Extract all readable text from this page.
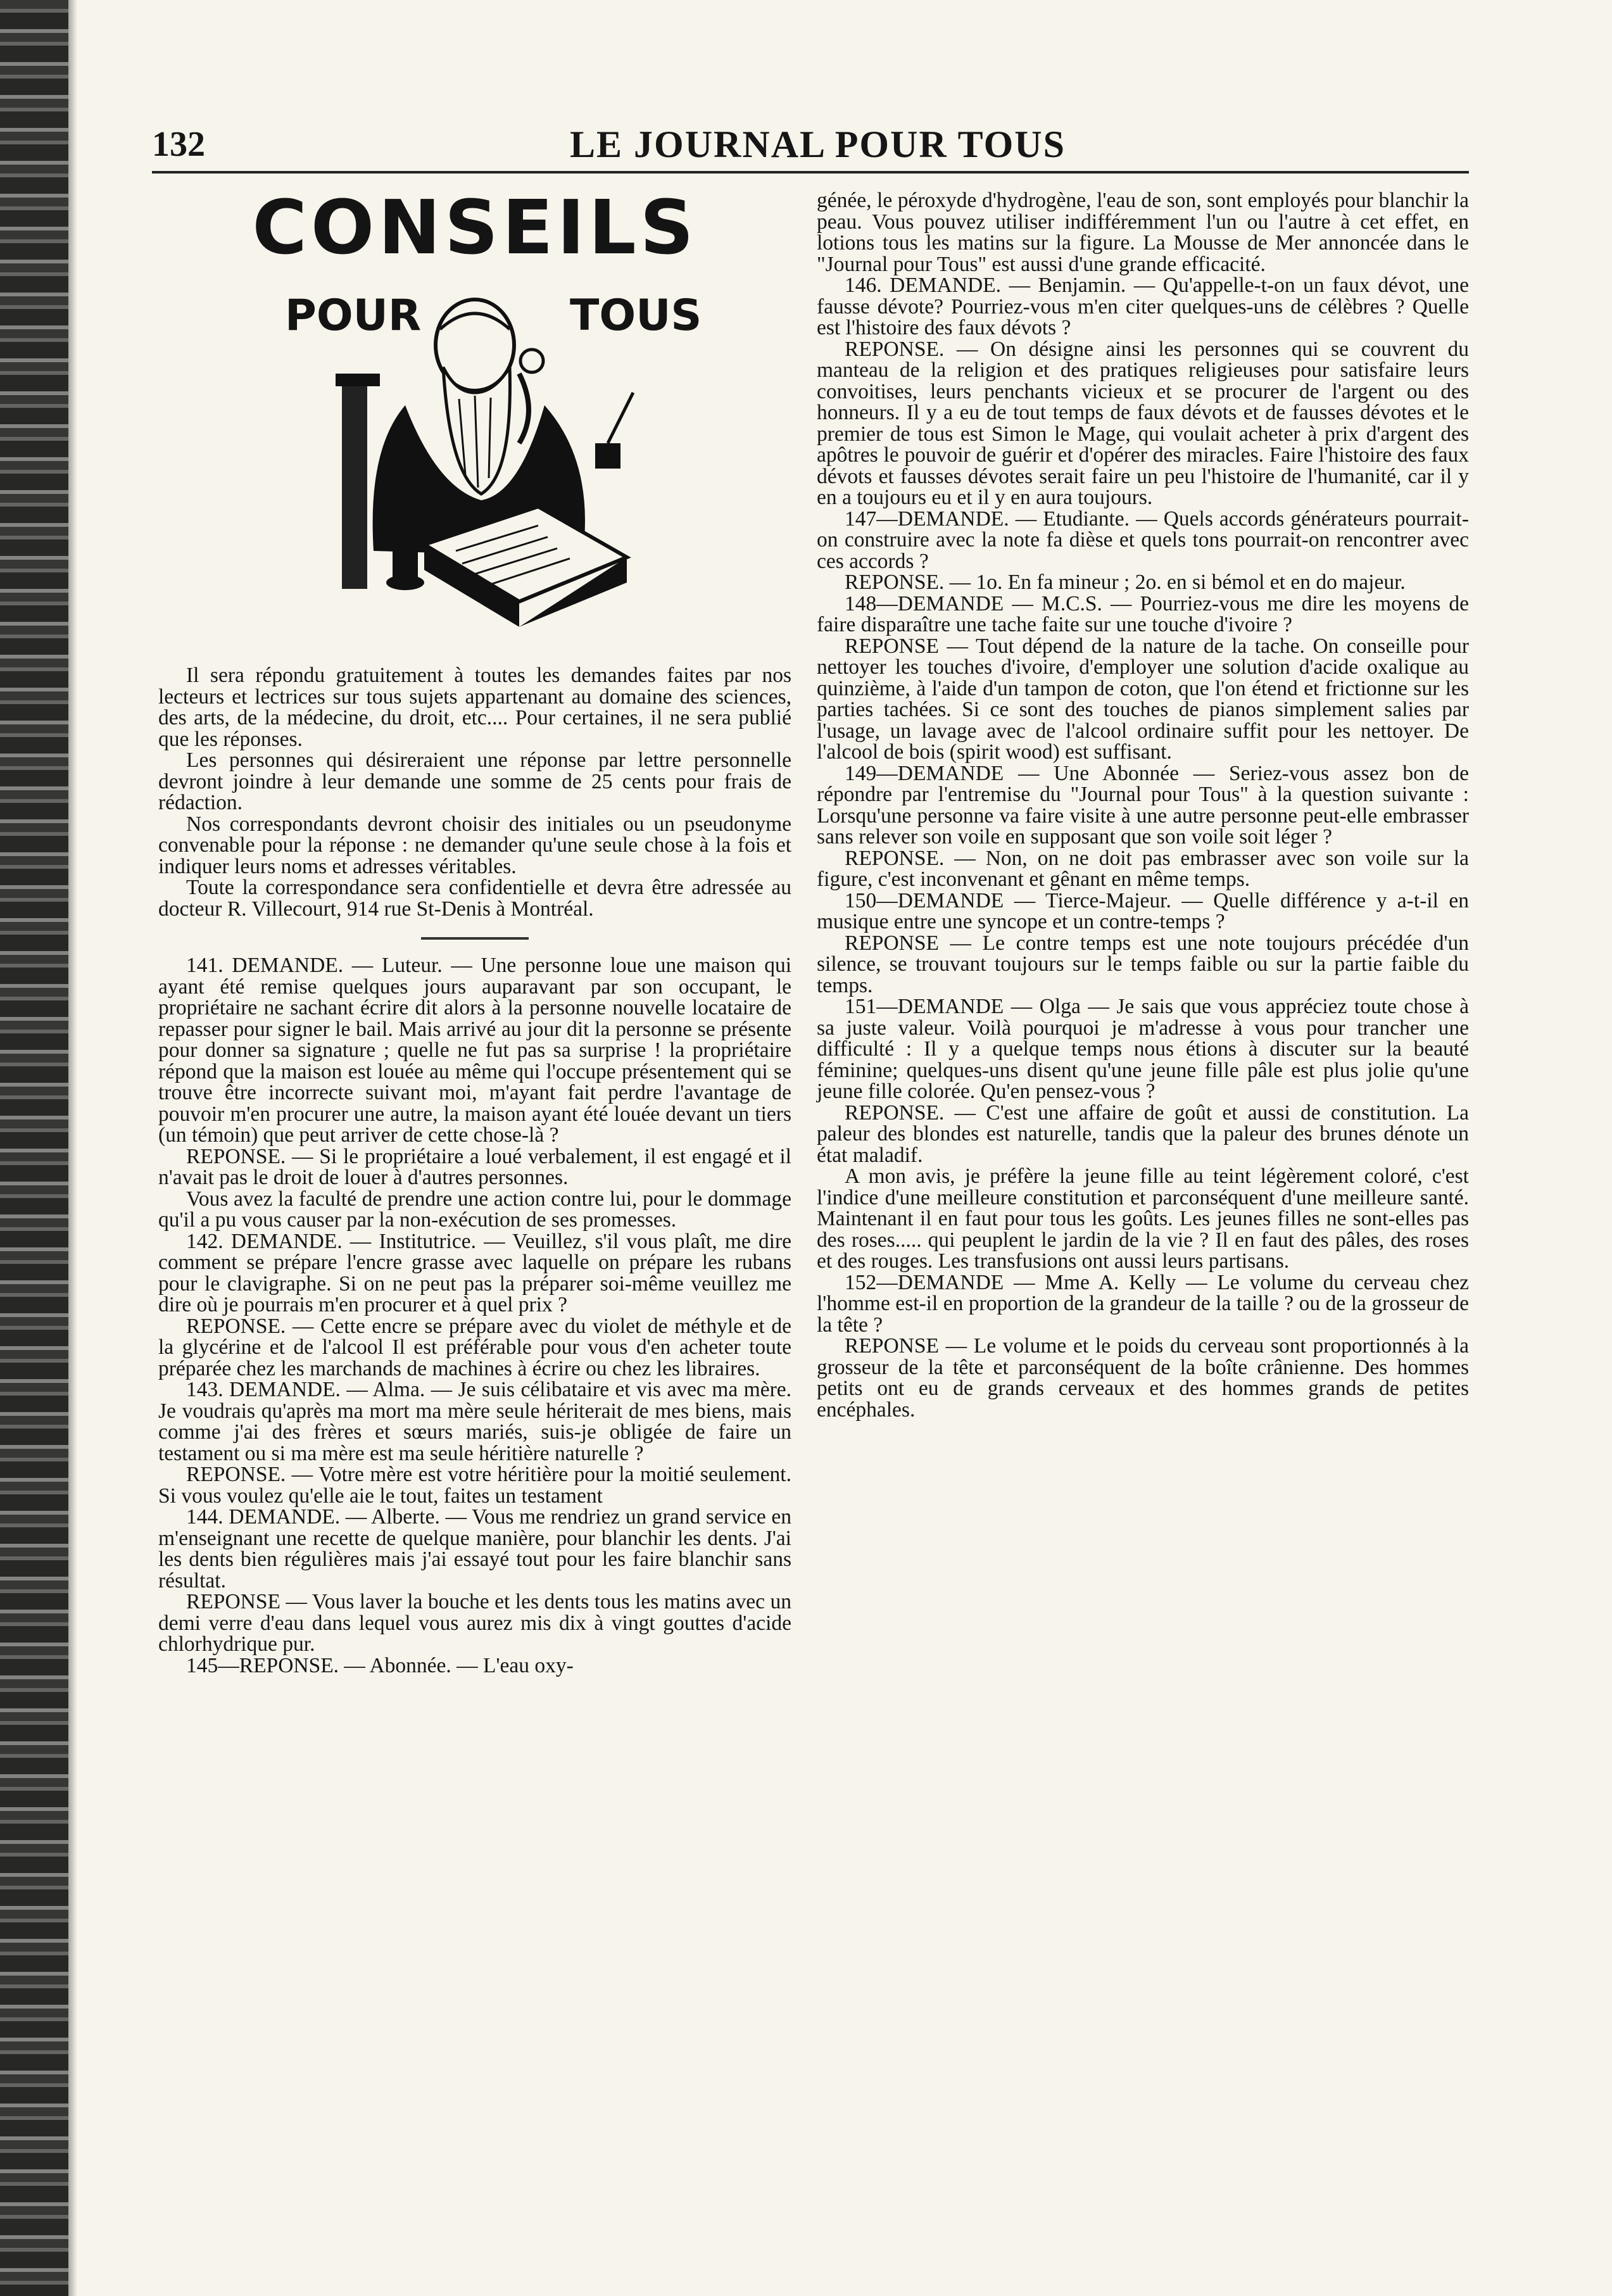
132	LE JOURNAL POUR TOUS
CONSEILS
POUR	TOUS

Il sera répondu gratuitement à toutes les demandes faites par nos lecteurs et lectrices sur tous sujets appartenant au domaine des sciences, des arts, de la médecine, du droit, etc.... Pour certaines, il ne sera publié que les réponses.

Les personnes qui désireraient une réponse par lettre personnelle devront joindre à leur demande une somme de 25 cents pour frais de rédaction.

Nos correspondants devront choisir des initiales ou un pseudonyme convenable pour la réponse : ne demander qu'une seule chose à la fois et indiquer leurs noms et adresses véritables.

Toute la correspondance sera confidentielle et devra être adressée au docteur R. Villecourt, 914 rue St-Denis à Montréal.

141. DEMANDE. — Luteur. — Une personne loue une maison qui ayant été remise quelques jours auparavant par son occupant, le propriétaire ne sachant écrire dit alors à la personne nouvelle locataire de repasser pour signer le bail. Mais arrivé au jour dit la personne se présente pour donner sa signature ; quelle ne fut pas sa surprise ! la propriétaire répond que la maison est louée au même qui l'occupe présentement qui se trouve être incorrecte suivant moi, m'ayant fait perdre l'avantage de pouvoir m'en procurer une autre, la maison ayant été louée devant un tiers (un témoin) que peut arriver de cette chose-là ?

REPONSE. — Si le propriétaire a loué verbalement, il est engagé et il n'avait pas le droit de louer à d'autres personnes.

Vous avez la faculté de prendre une action contre lui, pour le dommage qu'il a pu vous causer par la non-exécution de ses promesses.

142. DEMANDE. — Institutrice. — Veuillez, s'il vous plaît, me dire comment se prépare l'encre grasse avec laquelle on prépare les rubans pour le clavigraphe. Si on ne peut pas la préparer soi-même veuillez me dire où je pourrais m'en procurer et à quel prix ?

REPONSE. — Cette encre se prépare avec du violet de méthyle et de la glycérine et de l'alcool Il est préférable pour vous d'en acheter toute préparée chez les marchands de machines à écrire ou chez les libraires.

143. DEMANDE. — Alma. — Je suis célibataire et vis avec ma mère. Je voudrais qu'après ma mort ma mère seule hériterait de mes biens, mais comme j'ai des frères et sœurs mariés, suis-je obligée de faire un testament ou si ma mère est ma seule héritière naturelle ?

REPONSE. — Votre mère est votre héritière pour la moitié seulement. Si vous voulez qu'elle aie le tout, faites un testament

144. DEMANDE. — Alberte. — Vous me rendriez un grand service en m'enseignant une recette de quelque manière, pour blanchir les dents. J'ai les dents bien régulières mais j'ai essayé tout pour les faire blanchir sans résultat.

REPONSE — Vous laver la bouche et les dents tous les matins avec un demi verre d'eau dans lequel vous aurez mis dix à vingt gouttes d'acide chlorhydrique pur.

145—REPONSE. — Abonnée. — L'eau oxy-

génée, le péroxyde d'hydrogène, l'eau de son, sont employés pour blanchir la peau. Vous pouvez utiliser indifféremment l'un ou l'autre à cet effet, en lotions tous les matins sur la figure. La Mousse de Mer annoncée dans le "Journal pour Tous" est aussi d'une grande efficacité.

146. DEMANDE. — Benjamin. — Qu'appelle-t-on un faux dévot, une fausse dévote? Pourriez-vous m'en citer quelques-uns de célèbres ? Quelle est l'histoire des faux dévots ?

REPONSE. — On désigne ainsi les personnes qui se couvrent du manteau de la religion et des pratiques religieuses pour satisfaire leurs convoitises, leurs penchants vicieux et se procurer de l'argent ou des honneurs. Il y a eu de tout temps de faux dévots et de fausses dévotes et le premier de tous est Simon le Mage, qui voulait acheter à prix d'argent des apôtres le pouvoir de guérir et d'opérer des miracles. Faire l'histoire des faux dévots et fausses dévotes serait faire un peu l'histoire de l'humanité, car il y en a toujours eu et il y en aura toujours.

147—DEMANDE. — Etudiante. — Quels accords générateurs pourrait-on construire avec la note fa dièse et quels tons pourrait-on rencontrer avec ces accords ?

REPONSE. — 1o. En fa mineur ; 2o. en si bémol et en do majeur.

148—DEMANDE — M.C.S. — Pourriez-vous me dire les moyens de faire disparaître une tache faite sur une touche d'ivoire ?

REPONSE — Tout dépend de la nature de la tache. On conseille pour nettoyer les touches d'ivoire, d'employer une solution d'acide oxalique au quinzième, à l'aide d'un tampon de coton, que l'on étend et frictionne sur les parties tachées. Si ce sont des touches de pianos simplement salies par l'usage, un lavage avec de l'alcool ordinaire suffit pour les nettoyer. De l'alcool de bois (spirit wood) est suffisant.

149—DEMANDE — Une Abonnée — Seriez-vous assez bon de répondre par l'entremise du "Journal pour Tous" à la question suivante : Lorsqu'une personne va faire visite à une autre personne peut-elle embrasser sans relever son voile en supposant que son voile soit léger ?

REPONSE. — Non, on ne doit pas embrasser avec son voile sur la figure, c'est inconvenant et gênant en même temps.

150—DEMANDE — Tierce-Majeur. — Quelle différence y a-t-il en musique entre une syncope et un contre-temps ?

REPONSE — Le contre temps est une note toujours précédée d'un silence, se trouvant toujours sur le temps faible ou sur la partie faible du temps.

151—DEMANDE — Olga — Je sais que vous appréciez toute chose à sa juste valeur. Voilà pourquoi je m'adresse à vous pour trancher une difficulté : Il y a quelque temps nous étions à discuter sur la beauté féminine; quelques-uns disent qu'une jeune fille pâle est plus jolie qu'une jeune fille colorée. Qu'en pensez-vous ?

REPONSE. — C'est une affaire de goût et aussi de constitution. La paleur des blondes est naturelle, tandis que la paleur des brunes dénote un état maladif.

A mon avis, je préfère la jeune fille au teint légèrement coloré, c'est l'indice d'une meilleure constitution et parconséquent d'une meilleure santé. Maintenant il en faut pour tous les goûts. Les jeunes filles ne sont-elles pas des roses..... qui peuplent le jardin de la vie ? Il en faut des pâles, des roses et des rouges. Les transfusions ont aussi leurs partisans.

152—DEMANDE — Mme A. Kelly — Le volume du cerveau chez l'homme est-il en proportion de la grandeur de la taille ? ou de la grosseur de la tête ?

REPONSE — Le volume et le poids du cerveau sont proportionnés à la grosseur de la tête et parconséquent de la boîte crânienne. Des hommes petits ont eu de grands cerveaux et des hommes grands de petites encéphales.
